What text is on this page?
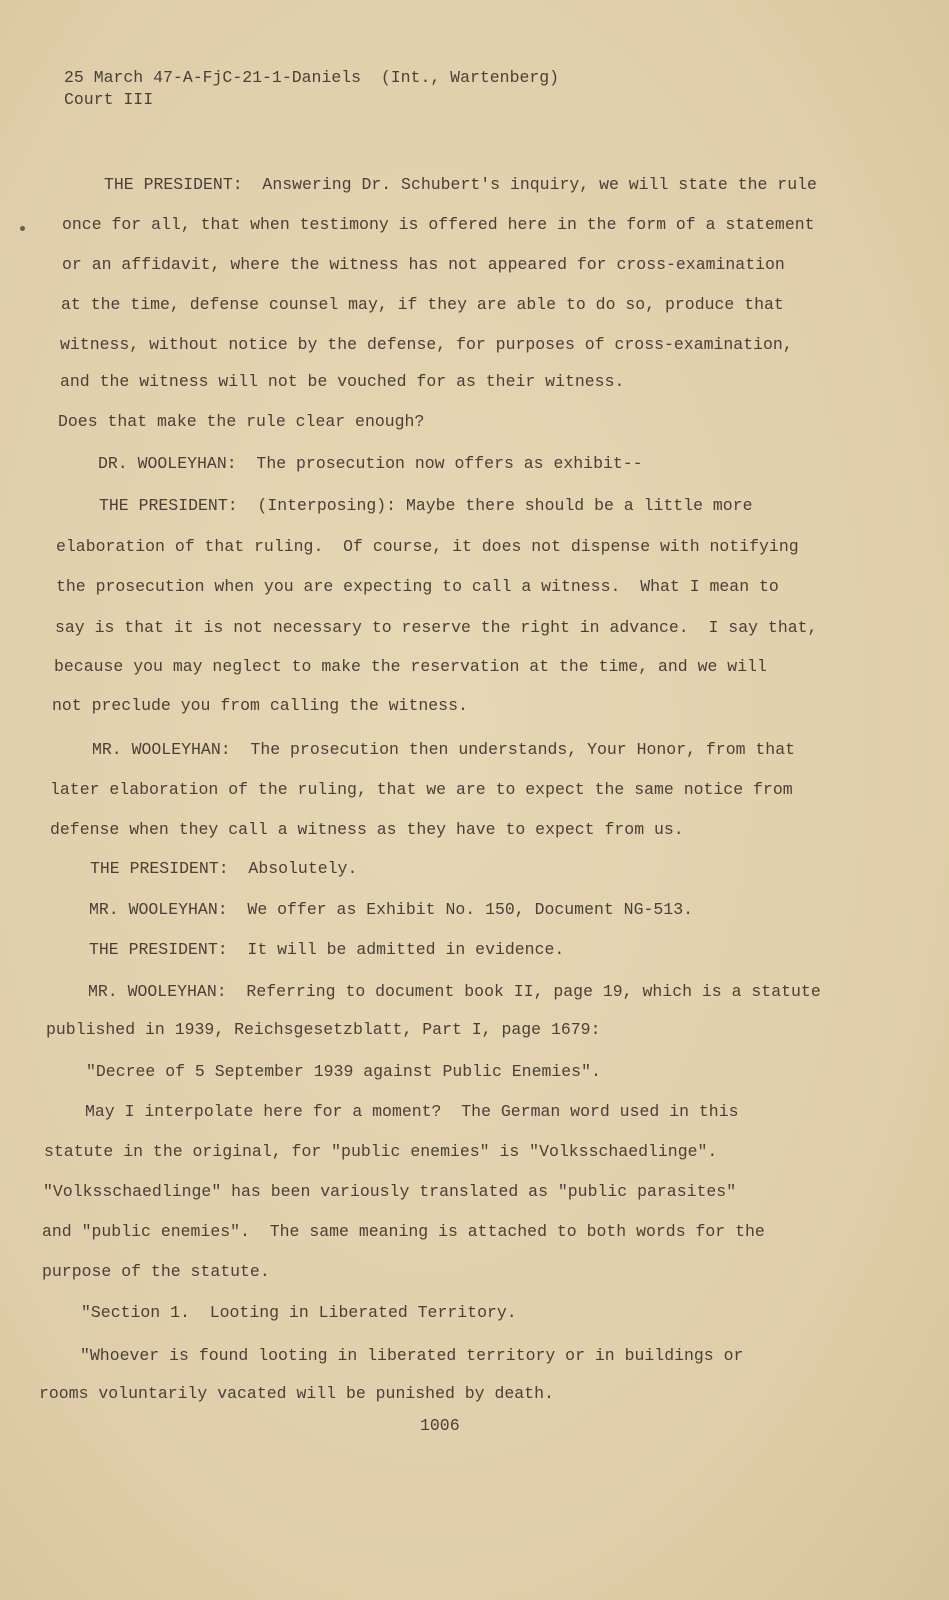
25 March 47-A-FjC-21-1-Daniels  (Int., Wartenberg)
Court III
THE PRESIDENT:  Answering Dr. Schubert's inquiry, we will state the rule
once for all, that when testimony is offered here in the form of a statement
or an affidavit, where the witness has not appeared for cross-examination
at the time, defense counsel may, if they are able to do so, produce that
witness, without notice by the defense, for purposes of cross-examination,
and the witness will not be vouched for as their witness.
Does that make the rule clear enough?
DR. WOOLEYHAN:  The prosecution now offers as exhibit--
THE PRESIDENT:  (Interposing): Maybe there should be a little more
elaboration of that ruling.  Of course, it does not dispense with notifying
the prosecution when you are expecting to call a witness.  What I mean to
say is that it is not necessary to reserve the right in advance.  I say that,
because you may neglect to make the reservation at the time, and we will
not preclude you from calling the witness.
MR. WOOLEYHAN:  The prosecution then understands, Your Honor, from that
later elaboration of the ruling, that we are to expect the same notice from
defense when they call a witness as they have to expect from us.
THE PRESIDENT:  Absolutely.
MR. WOOLEYHAN:  We offer as Exhibit No. 150, Document NG-513.
THE PRESIDENT:  It will be admitted in evidence.
MR. WOOLEYHAN:  Referring to document book II, page 19, which is a statute
published in 1939, Reichsgesetzblatt, Part I, page 1679:
"Decree of 5 September 1939 against Public Enemies".
May I interpolate here for a moment?  The German word used in this
statute in the original, for "public enemies" is "Volksschaedlinge".
"Volksschaedlinge" has been variously translated as "public parasites"
and "public enemies".  The same meaning is attached to both words for the
purpose of the statute.
"Section 1.  Looting in Liberated Territory.
"Whoever is found looting in liberated territory or in buildings or
rooms voluntarily vacated will be punished by death.
1006
